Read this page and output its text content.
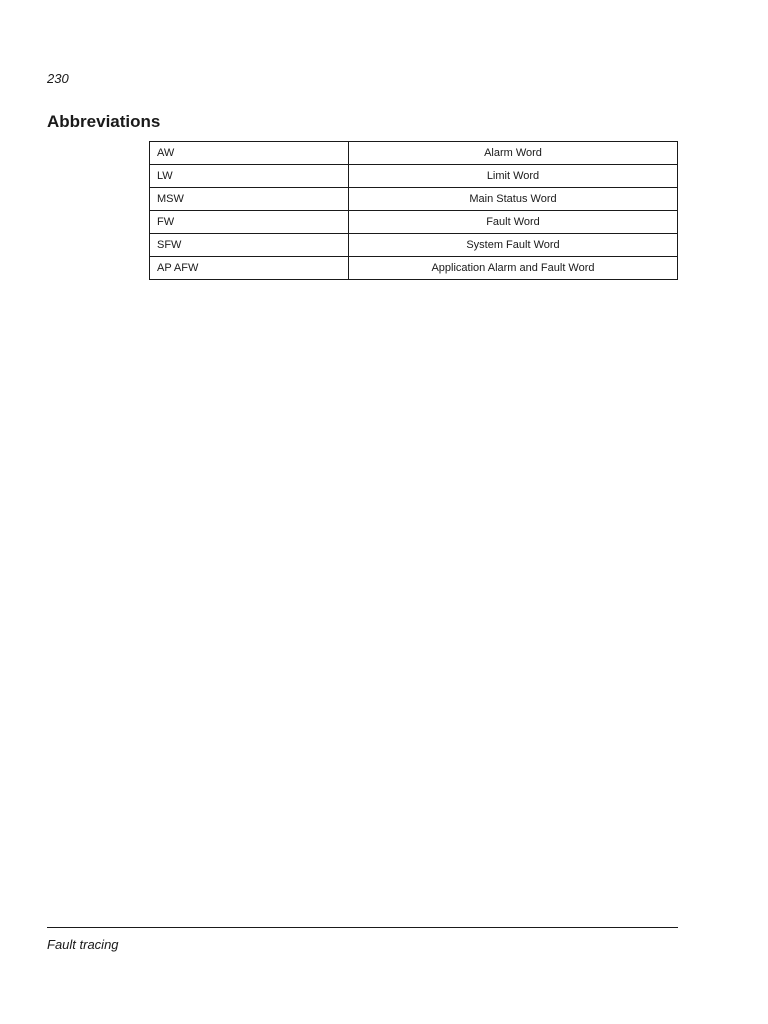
230
Abbreviations
AW	Alarm Word
LW	Limit Word
MSW	Main Status Word
FW	Fault Word
SFW	System Fault Word
AP AFW	Application Alarm and Fault Word
Fault tracing
